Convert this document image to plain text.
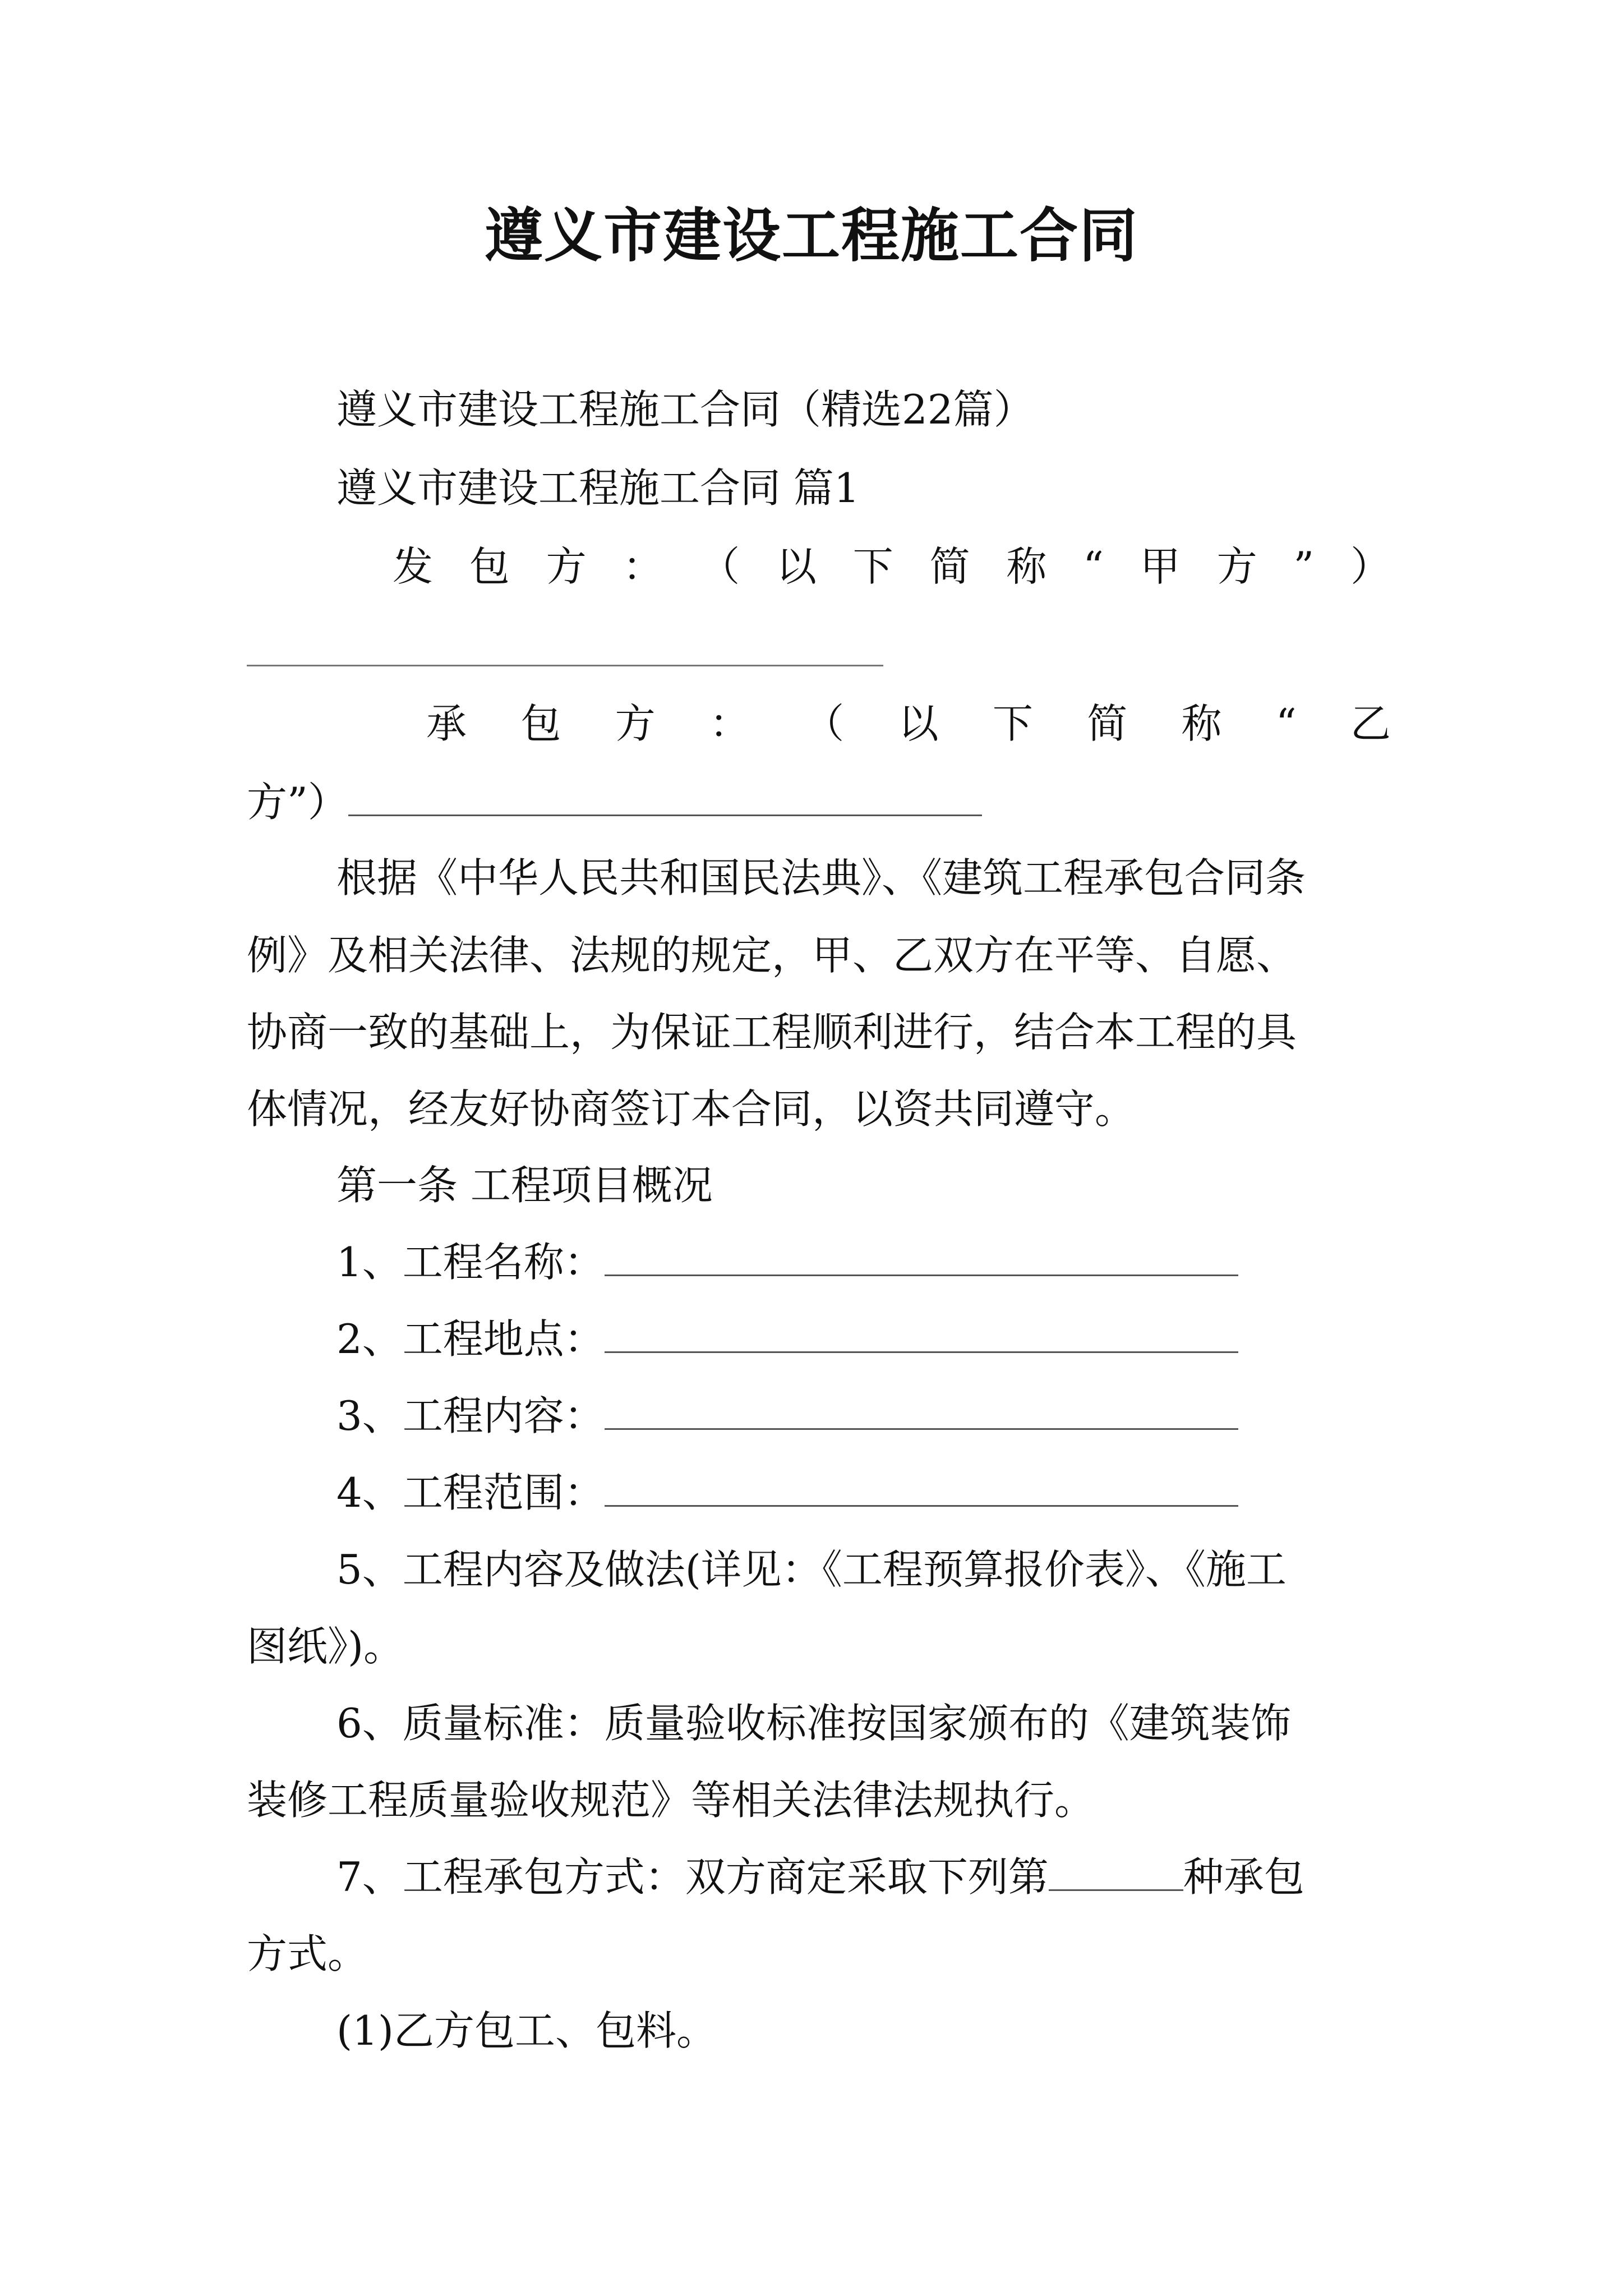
遵义市建设工程施工合同
遵义市建设工程施工合同（精选22篇）
遵义市建设工程施工合同 篇1
发 包 方 ： （ 以 下 简 称 “ 甲 方 ” ）
承 包 方 ： （ 以 下 简 称 “ 乙
方”）
根据《中华人民共和国民法典》、《建筑工程承包合同条
例》及相关法律、法规的规定，甲、乙双方在平等、自愿、
协商一致的基础上，为保证工程顺利进行，结合本工程的具
体情况，经友好协商签订本合同，以资共同遵守。
第一条 工程项目概况
1、工程名称：
2、工程地点：
3、工程内容：
4、工程范围：
5、工程内容及做法(详见：《工程预算报价表》、《施工
图纸》)。
6、质量标准：质量验收标准按国家颁布的《建筑装饰
装修工程质量验收规范》等相关法律法规执行。
7、工程承包方式：双方商定采取下列第	种承包
方式。
(1)乙方包工、包料。
